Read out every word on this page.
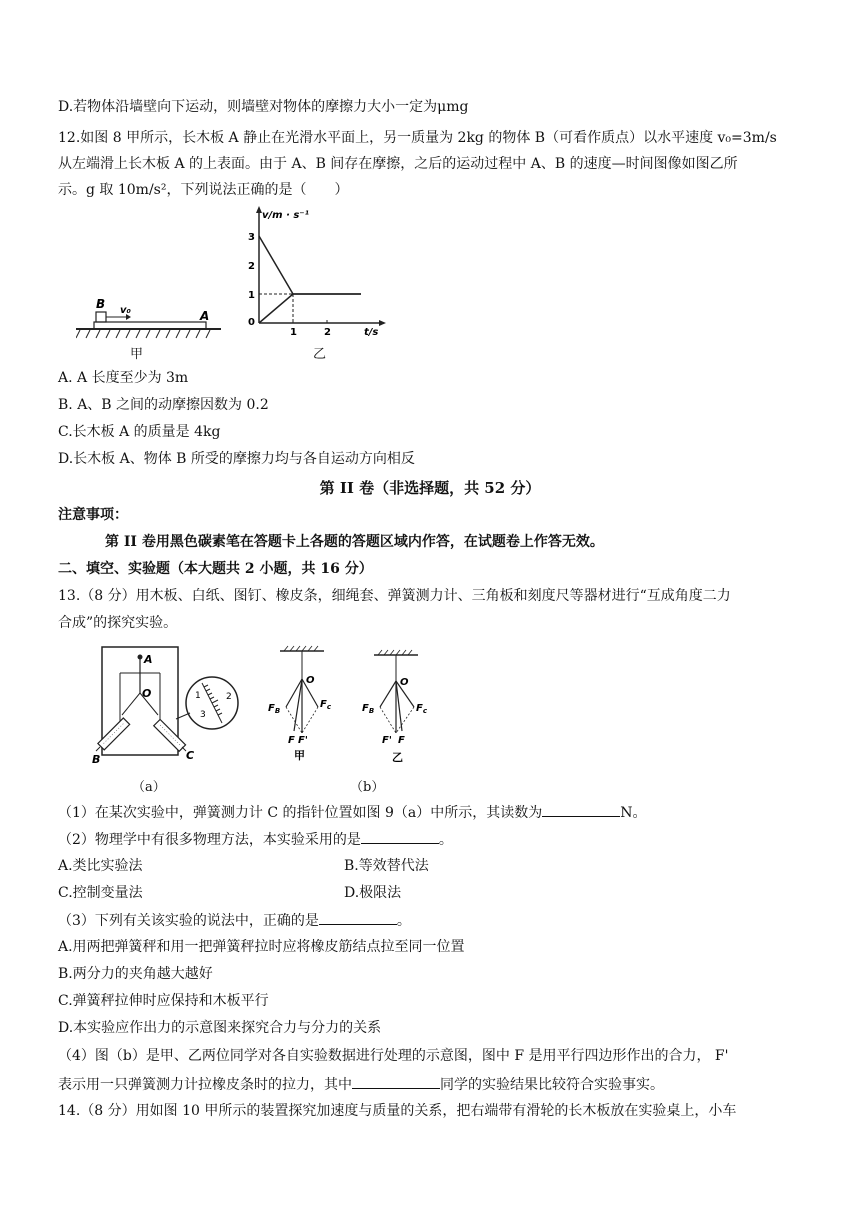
D.若物体沿墙壁向下运动，则墙壁对物体的摩擦力大小一定为μmg
12.如图 8 甲所示，长木板 A 静止在光滑水平面上，另一质量为 2kg 的物体 B（可看作质点）以水平速度 v₀=3m/s
从左端滑上长木板 A 的上表面。由于 A、B 间存在摩擦，之后的运动过程中 A、B 的速度—时间图像如图乙所
示。g 取 10m/s²，下列说法正确的是（　　）
B v₀	A
甲
v/m · s⁻¹
t/s
0
1
2
3
1	2
乙
A. A 长度至少为 3m
B. A、B 之间的动摩擦因数为 0.2
C.长木板 A 的质量是 4kg
D.长木板 A、物体 B 所受的摩擦力均与各自运动方向相反
第 II 卷（非选择题，共 52 分）
注意事项：
第 II 卷用黑色碳素笔在答题卡上各题的答题区域内作答，在试题卷上作答无效。
二、填空、实验题（本大题共 2 小题，共 16 分）
13.（8 分）用木板、白纸、图钉、橡皮条，细绳套、弹簧测力计、三角板和刻度尺等器材进行“互成角度二力
合成”的探究实验。
1	2
3
A
O
B	C
（a）
O
$F_B$
$F_c$
F F'
甲
O
$F_B$	$F_c$
F' F
乙
（b）
（1）在某次实验中，弹簧测力计 C 的指针位置如图 9（a）中所示，其读数为	N。
（2）物理学中有很多物理方法，本实验采用的是	。
A.类比实验法	B.等效替代法
C.控制变量法	D.极限法
（3）下列有关该实验的说法中，正确的是	。
A.用两把弹簧秤和用一把弹簧秤拉时应将橡皮筋结点拉至同一位置
B.两分力的夹角越大越好
C.弹簧秤拉伸时应保持和木板平行
D.本实验应作出力的示意图来探究合力与分力的关系
（4）图（b）是甲、乙两位同学对各自实验数据进行处理的示意图，图中 F 是用平行四边形作出的合力， F'
表示用一只弹簧测力计拉橡皮条时的拉力，其中	同学的实验结果比较符合实验事实。
14.（8 分）用如图 10 甲所示的装置探究加速度与质量的关系，把右端带有滑轮的长木板放在实验桌上，小车
